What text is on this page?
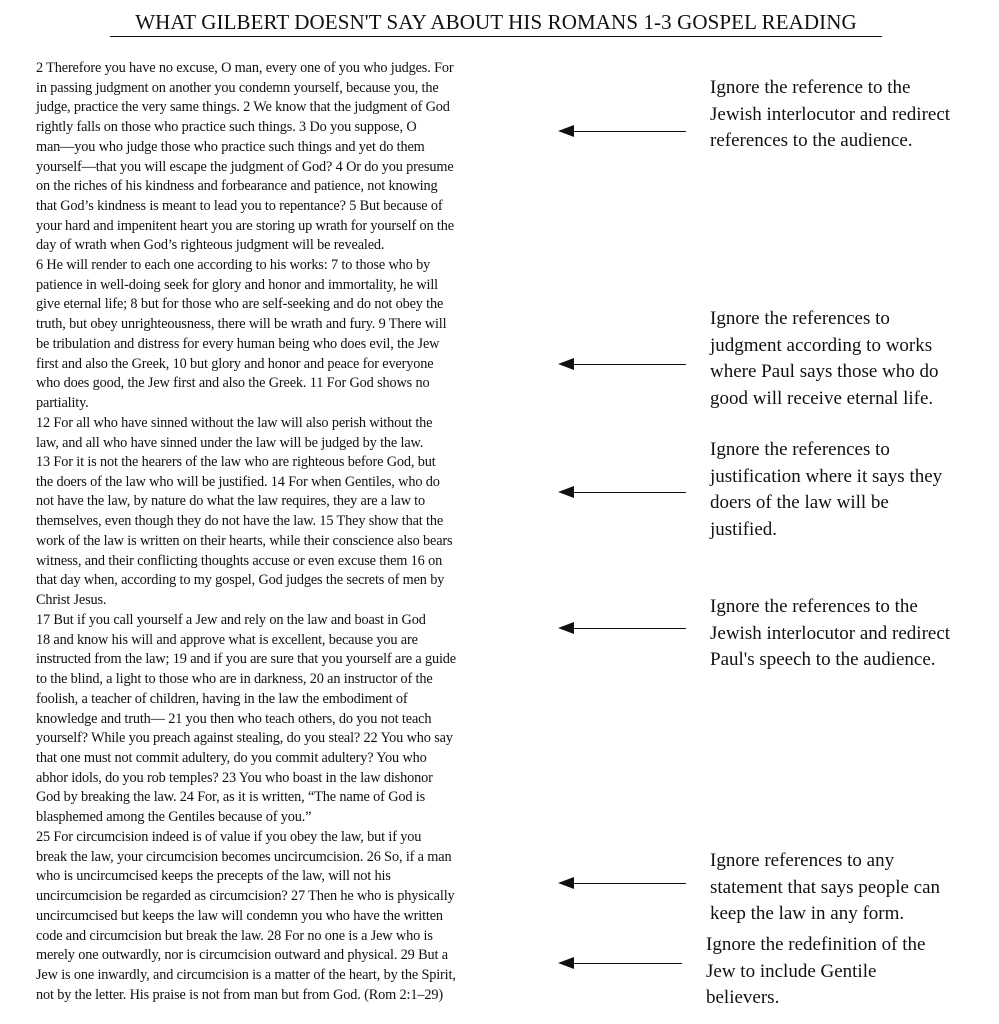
WHAT GILBERT DOESN'T SAY ABOUT HIS ROMANS 1-3 GOSPEL READING
2 Therefore you have no excuse, O man, every one of you who judges. For
in passing judgment on another you condemn yourself, because you, the
judge, practice the very same things. 2 We know that the judgment of God
rightly falls on those who practice such things. 3 Do you suppose, O
man—you who judge those who practice such things and yet do them
yourself—that you will escape the judgment of God? 4 Or do you presume
on the riches of his kindness and forbearance and patience, not knowing
that God’s kindness is meant to lead you to repentance? 5 But because of
your hard and impenitent heart you are storing up wrath for yourself on the
day of wrath when God’s righteous judgment will be revealed.
6 He will render to each one according to his works: 7 to those who by
patience in well-doing seek for glory and honor and immortality, he will
give eternal life; 8 but for those who are self-seeking and do not obey the
truth, but obey unrighteousness, there will be wrath and fury. 9 There will
be tribulation and distress for every human being who does evil, the Jew
first and also the Greek, 10 but glory and honor and peace for everyone
who does good, the Jew first and also the Greek. 11 For God shows no
partiality.
12 For all who have sinned without the law will also perish without the
law, and all who have sinned under the law will be judged by the law.
13 For it is not the hearers of the law who are righteous before God, but
the doers of the law who will be justified. 14 For when Gentiles, who do
not have the law, by nature do what the law requires, they are a law to
themselves, even though they do not have the law. 15 They show that the
work of the law is written on their hearts, while their conscience also bears
witness, and their conflicting thoughts accuse or even excuse them 16 on
that day when, according to my gospel, God judges the secrets of men by
Christ Jesus.
17 But if you call yourself a Jew and rely on the law and boast in God
18 and know his will and approve what is excellent, because you are
instructed from the law; 19 and if you are sure that you yourself are a guide
to the blind, a light to those who are in darkness, 20 an instructor of the
foolish, a teacher of children, having in the law the embodiment of
knowledge and truth— 21 you then who teach others, do you not teach
yourself? While you preach against stealing, do you steal? 22 You who say
that one must not commit adultery, do you commit adultery? You who
abhor idols, do you rob temples? 23 You who boast in the law dishonor
God by breaking the law. 24 For, as it is written, “The name of God is
blasphemed among the Gentiles because of you.”
25 For circumcision indeed is of value if you obey the law, but if you
break the law, your circumcision becomes uncircumcision. 26 So, if a man
who is uncircumcised keeps the precepts of the law, will not his
uncircumcision be regarded as circumcision? 27 Then he who is physically
uncircumcised but keeps the law will condemn you who have the written
code and circumcision but break the law. 28 For no one is a Jew who is
merely one outwardly, nor is circumcision outward and physical. 29 But a
Jew is one inwardly, and circumcision is a matter of the heart, by the Spirit,
not by the letter. His praise is not from man but from God. (Rom 2:1–29)
Ignore the reference to the
Jewish interlocutor and redirect
references to the audience.
Ignore the references to
judgment according to works
where Paul says those who do
good will receive eternal life.
Ignore the references to
justification where it says they
doers of the law will be
justified.
Ignore the references to the
Jewish interlocutor and redirect
Paul's speech to the audience.
Ignore references to any
statement that says people can
keep the law in any form.
Ignore the redefinition of the
Jew to include Gentile
believers.
